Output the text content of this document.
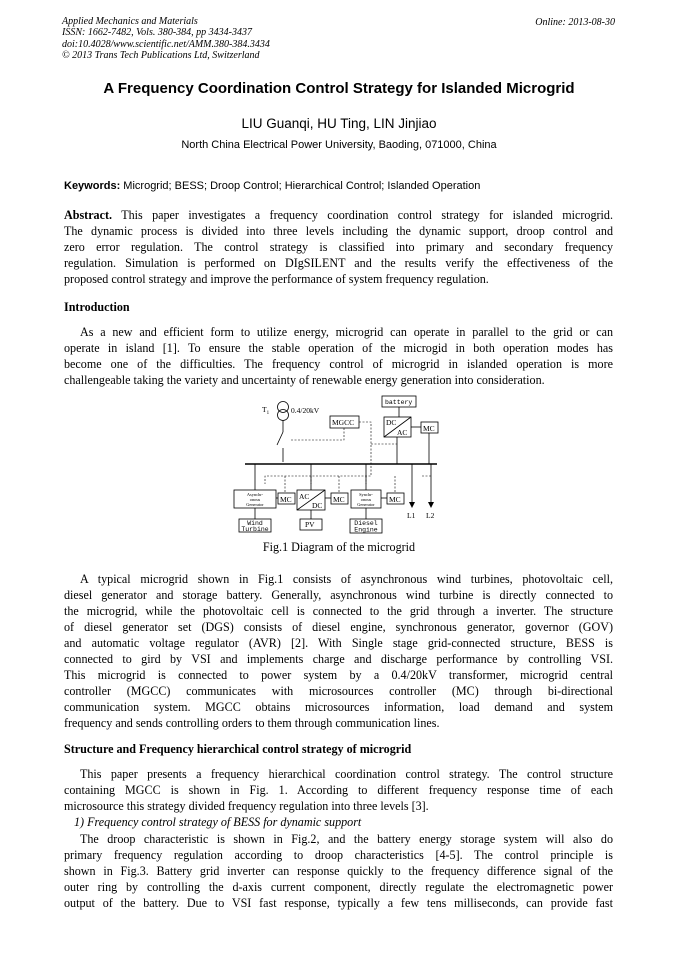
Applied Mechanics and Materials
ISSN: 1662-7482, Vols. 380-384, pp 3434-3437
doi:10.4028/www.scientific.net/AMM.380-384.3434
© 2013 Trans Tech Publications Ltd, Switzerland
Online: 2013-08-30
A Frequency Coordination Control Strategy for Islanded Microgrid
LIU Guanqi, HU Ting, LIN Jinjiao
North China Electrical Power University, Baoding, 071000, China
Keywords: Microgrid; BESS; Droop Control; Hierarchical Control; Islanded Operation
Abstract. This paper investigates a frequency coordination control strategy for islanded microgrid.
The dynamic process is divided into three levels including the dynamic support, droop control and
zero error regulation. The control strategy is classified into primary and secondary frequency
regulation. Simulation is performed on DIgSILENT and the results verify the effectiveness of the
proposed control strategy and improve the performance of system frequency regulation.
Introduction
As a new and efficient form to utilize energy, microgrid can operate in parallel to the grid or can
operate in island [1]. To ensure the stable operation of the microgid in both operation modes has
become one of the difficulties. The frequency control of microgrid in islanded operation is more
challengeable taking the variety and uncertainty of renewable energy generation into consideration.
$T_1$	0.4/20kV
MGCC
battery
DC
AC MC
MC	MC	MC
AC
DC
PV
L1 L2
Asynchr-
onous
Generator
Synchr-
onous
Generator
Wind
Turbine
Diesel
Engine
Fig.1 Diagram of the microgrid
A typical microgrid shown in Fig.1 consists of asynchronous wind turbines, photovoltaic cell,
diesel generator and storage battery. Generally, asynchronous wind turbine is directly connected to
the microgrid, while the photovoltaic cell is connected to the grid through a inverter. The structure
of diesel generator set (DGS) consists of diesel engine, synchronous generator, governor (GOV)
and automatic voltage regulator (AVR) [2]. With Single stage grid-connected structure, BESS is
connected to gird by VSI and implements charge and discharge performance by controlling VSI.
This microgrid is connected to power system by a 0.4/20kV transformer, microgrid central
controller (MGCC) communicates with microsources controller (MC) through bi-directional
communication system. MGCC obtains microsources information, load demand and system
frequency and sends controlling orders to them through communication lines.
Structure and Frequency hierarchical control strategy of microgrid
This paper presents a frequency hierarchical coordination control strategy. The control structure
containing MGCC is shown in Fig. 1. According to different frequency response time of each
microsource this strategy divided frequency regulation into three levels [3].
1) Frequency control strategy of BESS for dynamic support
The droop characteristic is shown in Fig.2, and the battery energy storage system will also do
primary frequency regulation according to droop characteristics [4-5]. The control principle is
shown in Fig.3. Battery grid inverter can response quickly to the frequency difference signal of the
outer ring by controlling the d-axis current component, directly regulate the electromagnetic power
output of the battery. Due to VSI fast response, typically a few tens milliseconds, can provide fast
